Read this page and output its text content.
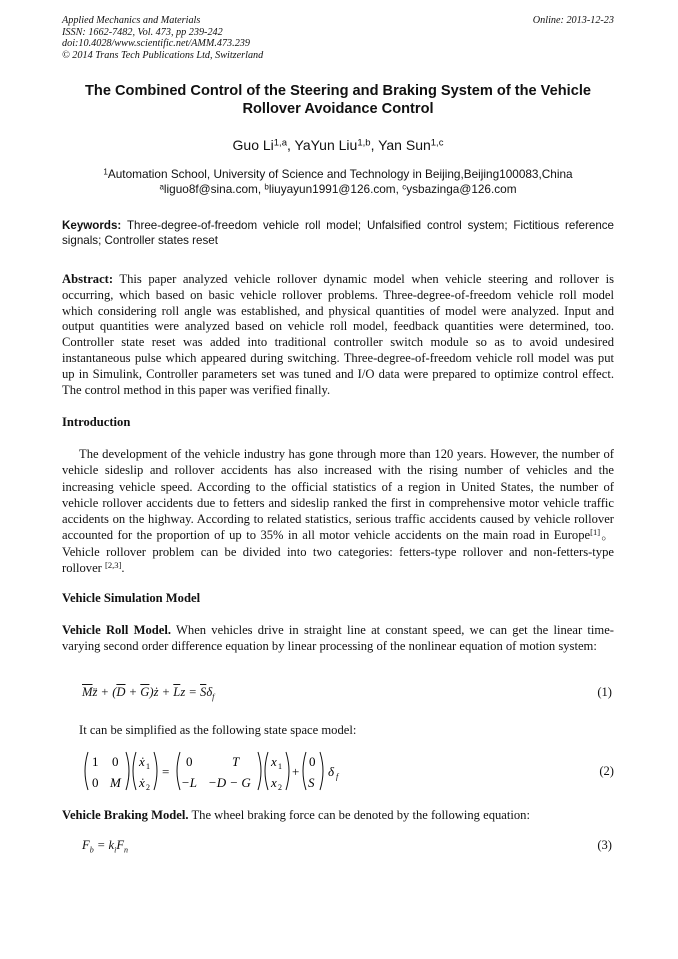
Applied Mechanics and Materials
ISSN: 1662-7482, Vol. 473, pp 239-242
doi:10.4028/www.scientific.net/AMM.473.239
© 2014 Trans Tech Publications Ltd, Switzerland
Online: 2013-12-23
The Combined Control of the Steering and Braking System of the Vehicle Rollover Avoidance Control
Guo Li$^{1,a}$, YaYun Liu$^{1,b}$, Yan Sun$^{1,c}$
$^1$Automation School, University of Science and Technology in Beijing,Beijing100083,China
$^a$liguo8f@sina.com, $^b$liuyayun1991@126.com, $^c$ysbazinga@126.com
Keywords: Three-degree-of-freedom vehicle roll model; Unfalsified control system; Fictitious reference signals; Controller states reset
Abstract: This paper analyzed vehicle rollover dynamic model when vehicle steering and rollover is occurring, which based on basic vehicle rollover problems. Three-degree-of-freedom vehicle roll model which considering roll angle was established, and physical quantities of model were analyzed. Input and output quantities were analyzed based on vehicle roll model, feedback quantities were determined, too. Controller state reset was added into traditional controller switch module so as to avoid undesired instantaneous pulse which appeared during switching. Three-degree-of-freedom vehicle roll model was put up in Simulink, Controller parameters set was tuned and I/O data were prepared to optimize control effect. The control method in this paper was verified finally.
Introduction
The development of the vehicle industry has gone through more than 120 years. However, the number of vehicle sideslip and rollover accidents has also increased with the rising number of vehicles and the increasing vehicle speed. According to the official statistics of a region in United States, the number of vehicle rollover accidents due to fetters and sideslip ranked the first in comprehensive motor vehicle traffic accidents on the highway. According to related statistics, serious traffic accidents caused by vehicle rollover accounted for the proportion of up to 35% in all motor vehicle accidents on the main road in Europe[1]。Vehicle rollover problem can be divided into two categories: fetters-type rollover and non-fetters-type rollover [2,3].
Vehicle Simulation Model
Vehicle Roll Model. When vehicles drive in straight line at constant speed, we can get the linear time-varying second order difference equation by linear processing of the nonlinear equation of motion system:
$\overline{M}z̈ + (\overline{D}$ + $\overline{G})ż + \overline{L}z = \overline{S}\delta_f$	(1)
It can be simplified as the following state space model:
1 0
0 M
ẋ 1
ẋ 2
=
0	T
−L −D − G
x 1
x 2
+
0
S
δ f	(2)
Vehicle Braking Model. The wheel braking force can be denoted by the following equation:
$F_b = k_iF_n$	(3)
